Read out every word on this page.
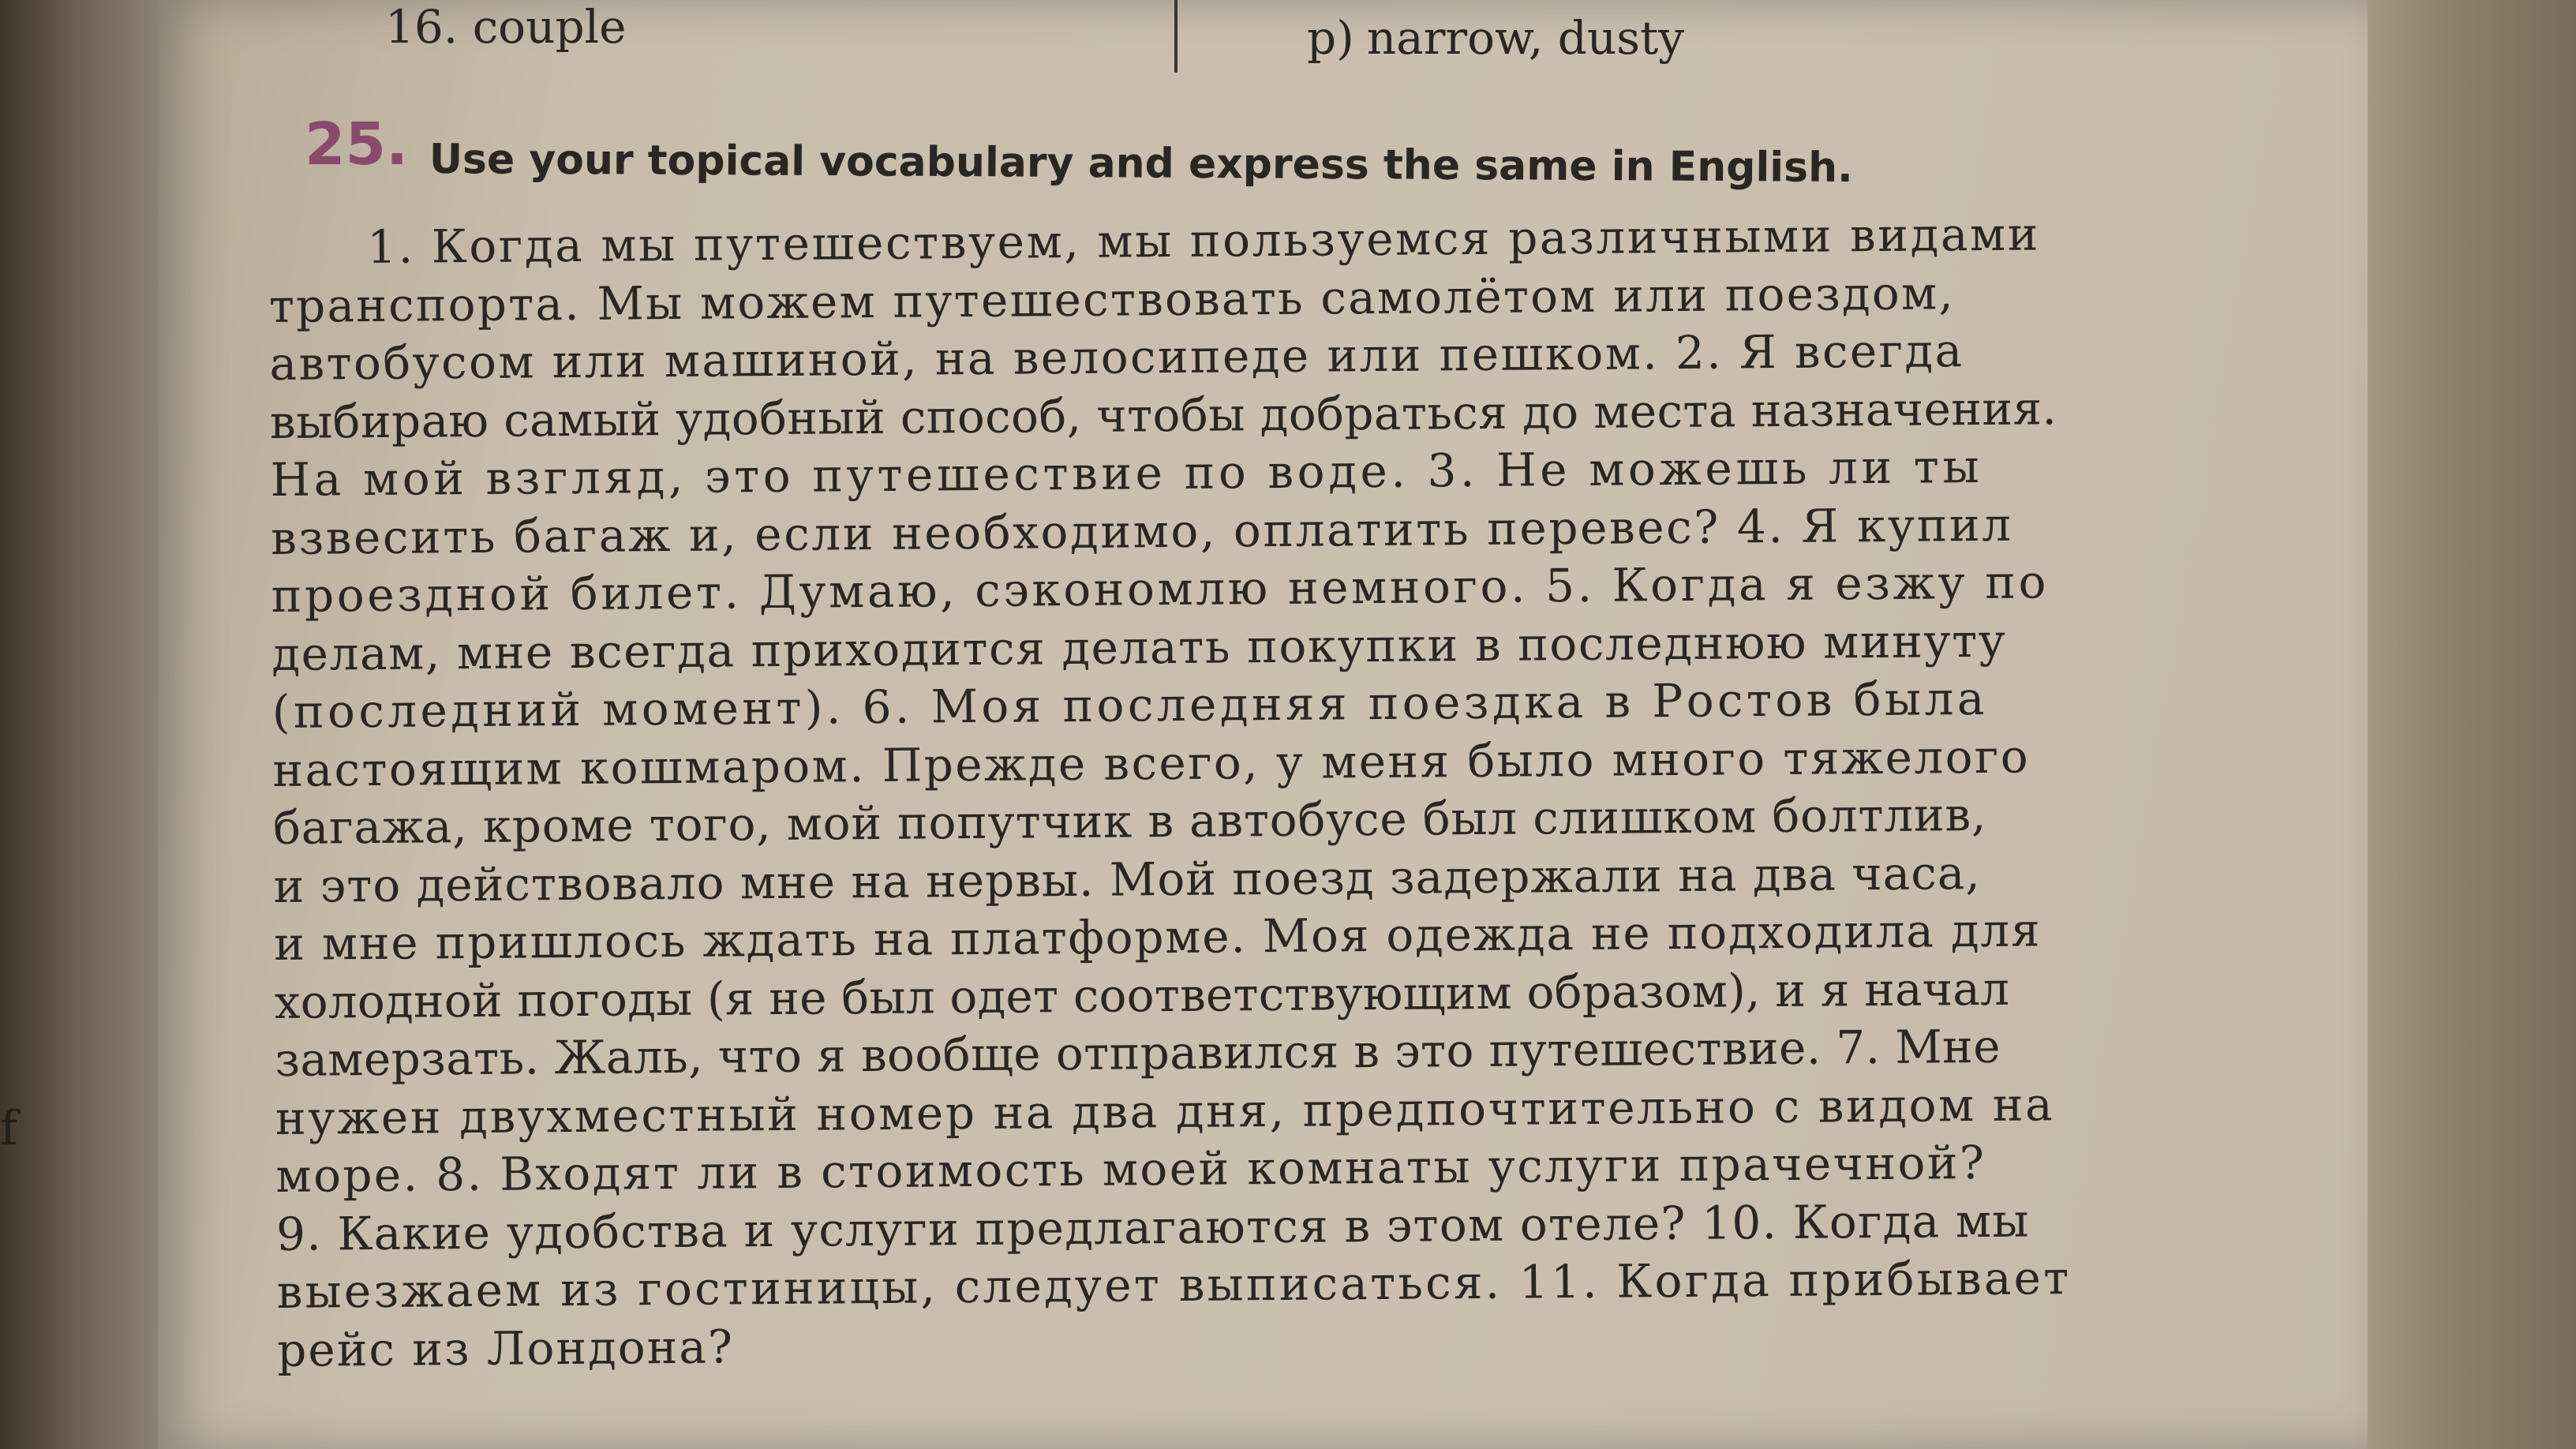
f
16. couple	p) narrow, dusty
25. Use your topical vocabulary and express the same in English.
1. Когда мы путешествуем, мы пользуемся различными видами
транспорта. Мы можем путешествовать самолётом или поездом,
автобусом или машиной, на велосипеде или пешком. 2. Я всегда
выбираю самый удобный способ, чтобы добраться до места назначения.
На мой взгляд, это путешествие по воде. 3. Не можешь ли ты
взвесить багаж и, если необходимо, оплатить перевес? 4. Я купил
проездной билет. Думаю, сэкономлю немного. 5. Когда я езжу по
делам, мне всегда приходится делать покупки в последнюю минуту
(последний момент). 6. Моя последняя поездка в Ростов была
настоящим кошмаром. Прежде всего, у меня было много тяжелого
багажа, кроме того, мой попутчик в автобусе был слишком болтлив,
и это действовало мне на нервы. Мой поезд задержали на два часа,
и мне пришлось ждать на платформе. Моя одежда не подходила для
холодной погоды (я не был одет соответствующим образом), и я начал
замерзать. Жаль, что я вообще отправился в это путешествие. 7. Мне
нужен двухместный номер на два дня, предпочтительно с видом на
море. 8. Входят ли в стоимость моей комнаты услуги прачечной?
9. Какие удобства и услуги предлагаются в этом отеле? 10. Когда мы
выезжаем из гостиницы, следует выписаться. 11. Когда прибывает
рейс из Лондона?
